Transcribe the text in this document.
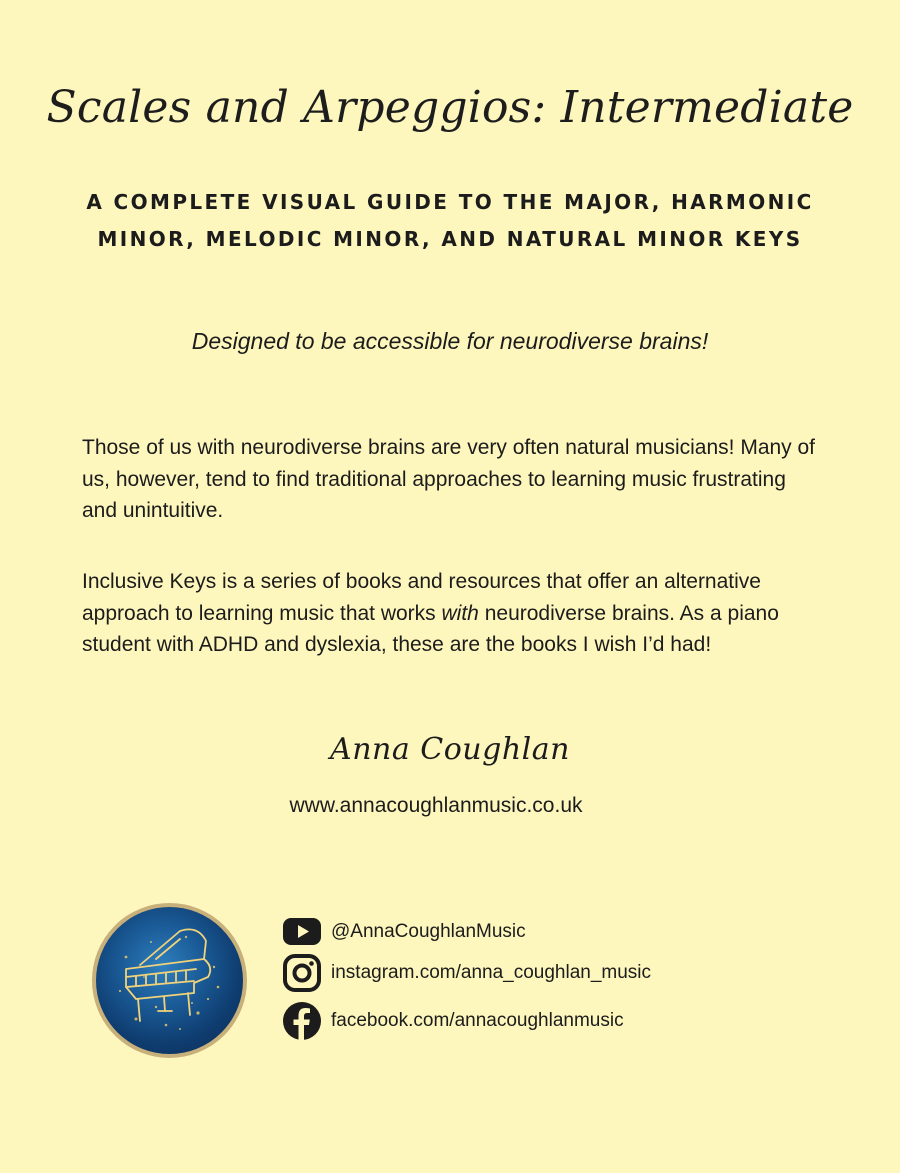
Scales and Arpeggios: Intermediate

A COMPLETE VISUAL GUIDE TO THE MAJOR, HARMONIC MINOR, MELODIC MINOR, AND NATURAL MINOR KEYS

Designed to be accessible for neurodiverse brains!

Those of us with neurodiverse brains are very often natural musicians! Many of us, however, tend to find traditional approaches to learning music frustrating and unintuitive.

Inclusive Keys is a series of books and resources that offer an alternative approach to learning music that works with neurodiverse brains. As a piano student with ADHD and dyslexia, these are the books I wish I’d had!

Anna Coughlan
www.annacoughlanmusic.co.uk
@AnnaCoughlanMusic
instagram.com/anna_coughlan_music
facebook.com/annacoughlanmusic
